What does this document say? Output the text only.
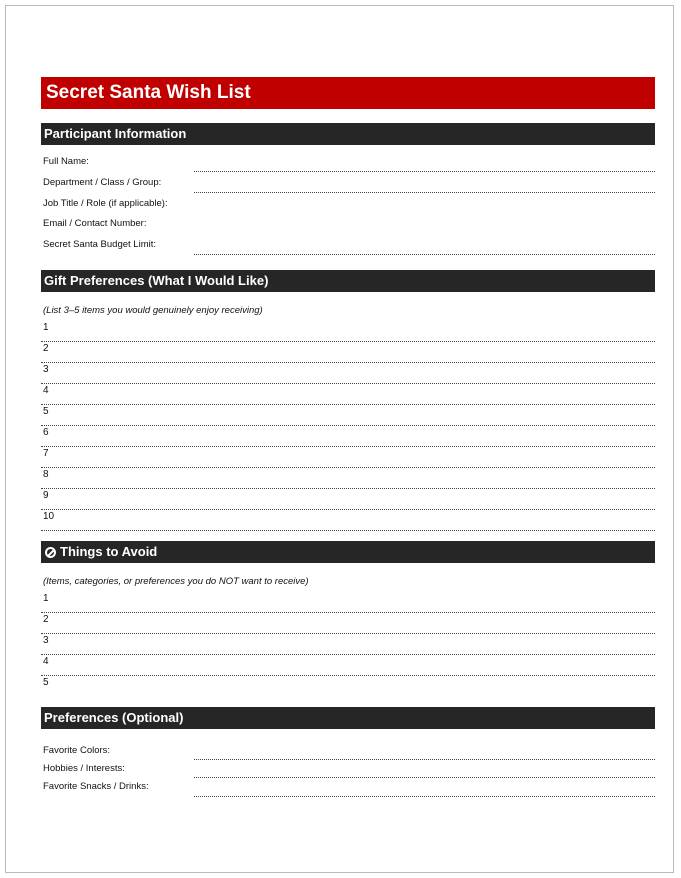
Secret Santa Wish List
Participant Information
Full Name:
Department / Class / Group:
Job Title / Role (if applicable):
Email / Contact Number:
Secret Santa Budget Limit:
Gift Preferences (What I Would Like)
(List 3–5 items you would genuinely enjoy receiving)
1
2
3
4
5
6
7
8
9
10
Things to Avoid
(Items, categories, or preferences you do NOT want to receive)
1
2
3
4
5
Preferences (Optional)
Favorite Colors:
Hobbies / Interests:
Favorite Snacks / Drinks:
